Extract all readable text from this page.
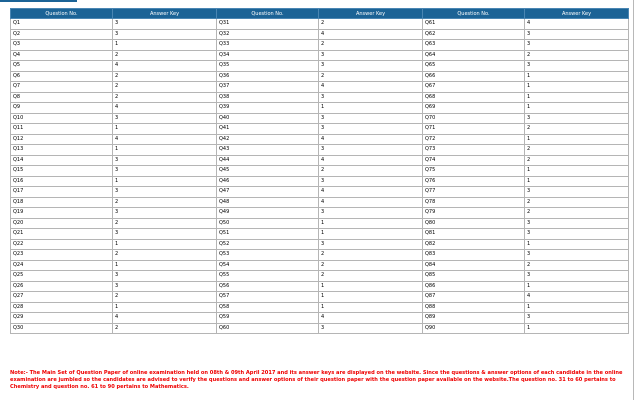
Question No.	Answer Key	Question No.	Answer Key	Question No.	Answer Key
Q1	3	Q31	2	Q61	4
Q2	3	Q32	4	Q62	3
Q3	1	Q33	2	Q63	3
Q4	2	Q34	3	Q64	2
Q5	4	Q35	3	Q65	3
Q6	2	Q36	2	Q66	1
Q7	2	Q37	4	Q67	1
Q8	2	Q38	3	Q68	1
Q9	4	Q39	1	Q69	1
Q10	3	Q40	3	Q70	3
Q11	1	Q41	3	Q71	2
Q12	4	Q42	4	Q72	1
Q13	1	Q43	3	Q73	2
Q14	3	Q44	4	Q74	2
Q15	3	Q45	2	Q75	1
Q16	1	Q46	3	Q76	1
Q17	3	Q47	4	Q77	3
Q18	2	Q48	4	Q78	2
Q19	3	Q49	3	Q79	2
Q20	2	Q50	1	Q80	3
Q21	3	Q51	1	Q81	3
Q22	1	Q52	3	Q82	1
Q23	2	Q53	2	Q83	3
Q24	1	Q54	2	Q84	2
Q25	3	Q55	2	Q85	3
Q26	3	Q56	1	Q86	1
Q27	2	Q57	1	Q87	4
Q28	1	Q58	1	Q88	1
Q29	4	Q59	4	Q89	3
Q30	2	Q60	3	Q90	1
Note:- The Main Set of Question Paper of online examination held on 08th & 09th April 2017 and its answer keys are displayed on the website. Since the questions & answer options of each candidate in the online examination are jumbled so the candidates are advised to verify the questions and answer options of their question paper with the question paper available on the website.The question no. 31 to 60 pertains to Chemistry and question no. 61 to 90 pertains to Mathematics.
